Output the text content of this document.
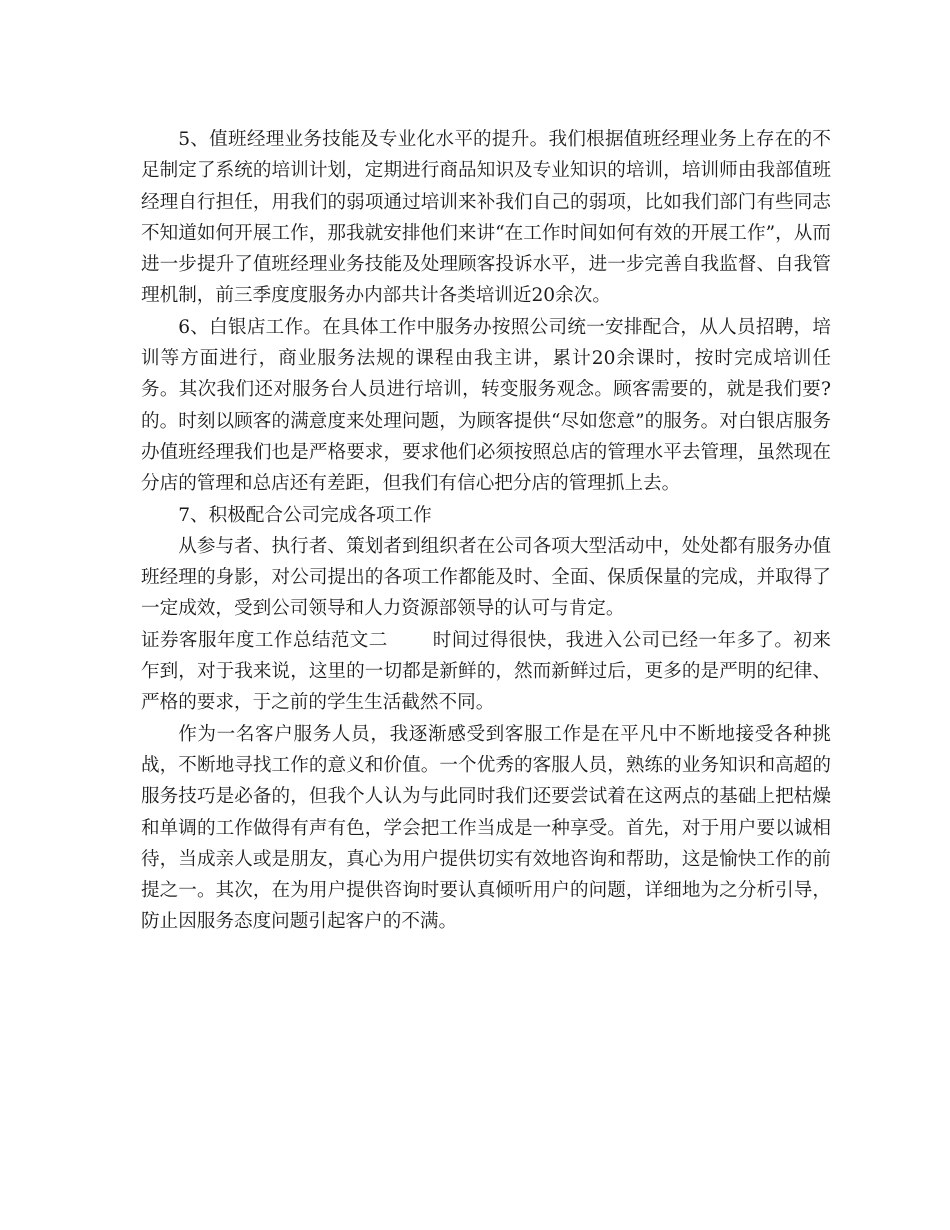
5、值班经理业务技能及专业化水平的提升。我们根据值班经理业务上存在的不足制定了系统的培训计划，定期进行商品知识及专业知识的培训，培训师由我部值班经理自行担任，用我们的弱项通过培训来补我们自己的弱项，比如我们部门有些同志不知道如何开展工作，那我就安排他们来讲“在工作时间如何有效的开展工作”，从而进一步提升了值班经理业务技能及处理顾客投诉水平，进一步完善自我监督、自我管理机制，前三季度度服务办内部共计各类培训近20余次。

6、白银店工作。在具体工作中服务办按照公司统一安排配合，从人员招聘，培训等方面进行，商业服务法规的课程由我主讲，累计20余课时，按时完成培训任务。其次我们还对服务台人员进行培训，转变服务观念。顾客需要的，就是我们要?的。时刻以顾客的满意度来处理问题，为顾客提供“尽如您意”的服务。对白银店服务办值班经理我们也是严格要求，要求他们必须按照总店的管理水平去管理，虽然现在分店的管理和总店还有差距，但我们有信心把分店的管理抓上去。

7、积极配合公司完成各项工作

从参与者、执行者、策划者到组织者在公司各项大型活动中，处处都有服务办值班经理的身影，对公司提出的各项工作都能及时、全面、保质保量的完成，并取得了一定成效，受到公司领导和人力资源部领导的认可与肯定。

证券客服年度工作总结范文二 时间过得很快，我进入公司已经一年多了。初来乍到，对于我来说，这里的一切都是新鲜的，然而新鲜过后，更多的是严明的纪律、严格的要求，于之前的学生生活截然不同。

作为一名客户服务人员，我逐渐感受到客服工作是在平凡中不断地接受各种挑战，不断地寻找工作的意义和价值。一个优秀的客服人员，熟练的业务知识和高超的服务技巧是必备的，但我个人认为与此同时我们还要尝试着在这两点的基础上把枯燥和单调的工作做得有声有色，学会把工作当成是一种享受。首先，对于用户要以诚相待，当成亲人或是朋友，真心为用户提供切实有效地咨询和帮助，这是愉快工作的前提之一。其次，在为用户提供咨询时要认真倾听用户的问题，详细地为之分析引导，防止因服务态度问题引起客户的不满。
